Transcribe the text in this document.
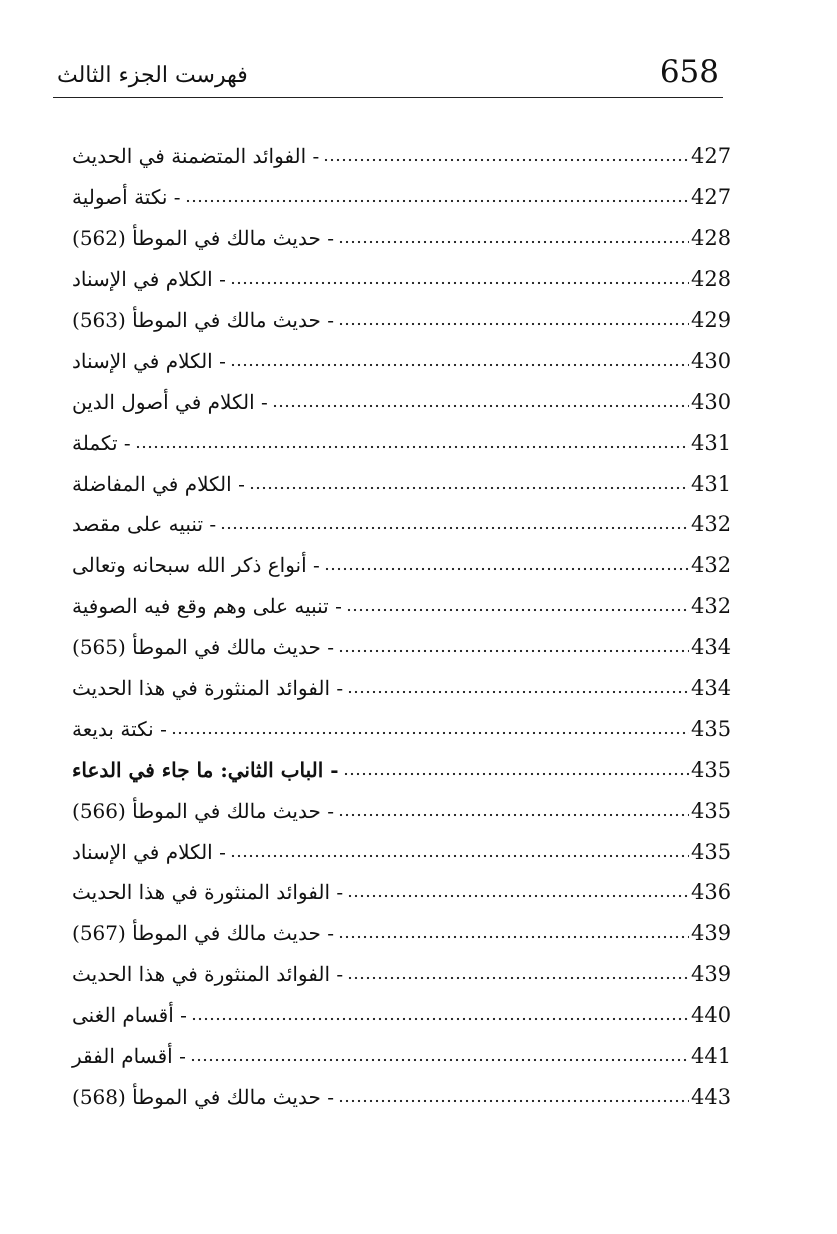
658
فهرست الجزء الثالث
- الفوائد المتضمنة في الحديث	427
- نكتة أصولية	427
- حديث مالك في الموطأ (562)	428
- الكلام في الإسناد	428
- حديث مالك في الموطأ (563)	429
- الكلام في الإسناد	430
- الكلام في أصول الدين	430
- تكملة	431
- الكلام في المفاضلة	431
- تنبيه على مقصد	432
- أنواع ذكر الله سبحانه وتعالى	432
- تنبيه على وهم وقع فيه الصوفية	432
- حديث مالك في الموطأ (565)	434
- الفوائد المنثورة في هذا الحديث	434
- نكتة بديعة	435
- الباب الثاني: ما جاء في الدعاء	435
- حديث مالك في الموطأ (566)	435
- الكلام في الإسناد	435
- الفوائد المنثورة في هذا الحديث	436
- حديث مالك في الموطأ (567)	439
- الفوائد المنثورة في هذا الحديث	439
- أقسام الغنى	440
- أقسام الفقر	441
- حديث مالك في الموطأ (568)	443
